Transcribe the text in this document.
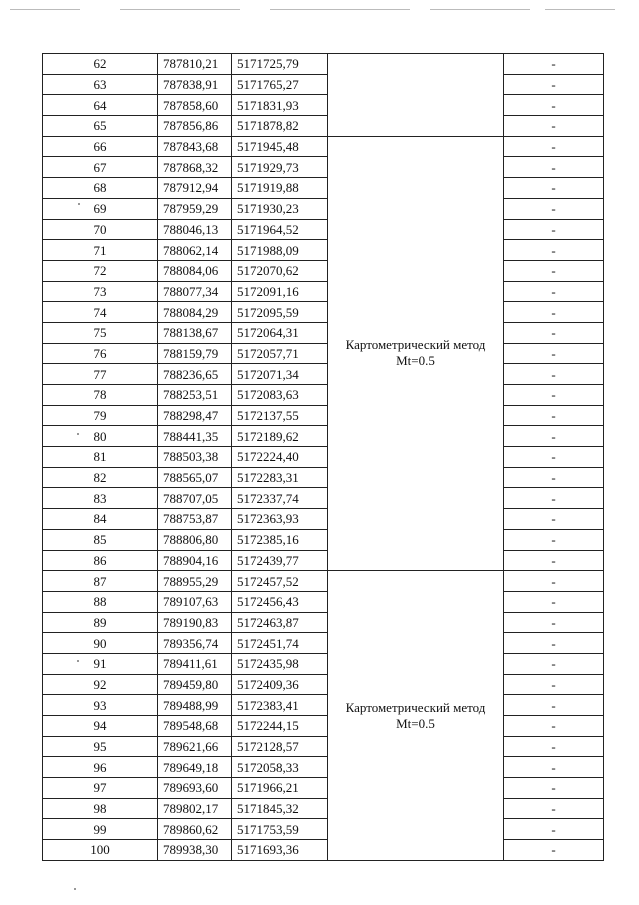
62	787810,21	5171725,79		-
63	787838,91	5171765,27		-
64	787858,60	5171831,93		-
65	787856,86	5171878,82		-
66	787843,68	5171945,48	Картометрический метод
Mt=0.5	-
67	787868,32	5171929,73		-
68	787912,94	5171919,88		-
69	787959,29	5171930,23		-
70	788046,13	5171964,52		-
71	788062,14	5171988,09		-
72	788084,06	5172070,62		-
73	788077,34	5172091,16		-
74	788084,29	5172095,59		-
75	788138,67	5172064,31		-
76	788159,79	5172057,71		-
77	788236,65	5172071,34		-
78	788253,51	5172083,63		-
79	788298,47	5172137,55		-
80	788441,35	5172189,62		-
81	788503,38	5172224,40		-
82	788565,07	5172283,31		-
83	788707,05	5172337,74		-
84	788753,87	5172363,93		-
85	788806,80	5172385,16		-
86	788904,16	5172439,77		-
87	788955,29	5172457,52	Картометрический метод
Mt=0.5	-
88	789107,63	5172456,43		-
89	789190,83	5172463,87		-
90	789356,74	5172451,74		-
91	789411,61	5172435,98		-
92	789459,80	5172409,36		-
93	789488,99	5172383,41		-
94	789548,68	5172244,15		-
95	789621,66	5172128,57		-
96	789649,18	5172058,33		-
97	789693,60	5171966,21		-
98	789802,17	5171845,32		-
99	789860,62	5171753,59		-
100	789938,30	5171693,36		-
